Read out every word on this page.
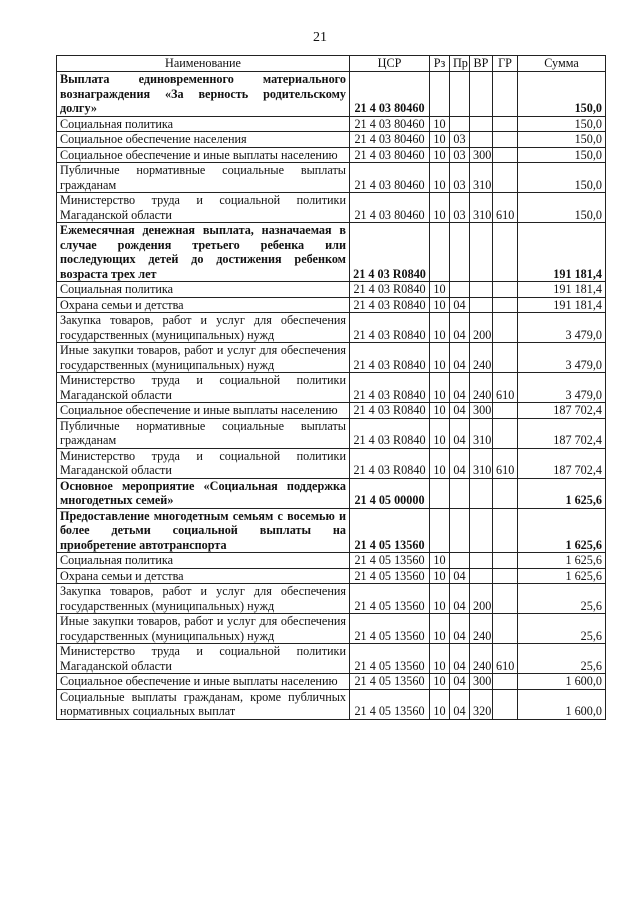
21
Наименование	ЦСР	Рз	Пр	ВР	ГР	Сумма
Выплата единовременного материального вознаграждения «За верность родительскому долгу»	21 4 03 80460					150,0
Социальная политика	21 4 03 80460	10				150,0
Социальное обеспечение населения	21 4 03 80460	10	03			150,0
Социальное обеспечение и иные выплаты населению	21 4 03 80460	10	03	300		150,0
Публичные нормативные социальные выплаты гражданам	21 4 03 80460	10	03	310		150,0
Министерство труда и социальной политики Магаданской области	21 4 03 80460	10	03	310	610	150,0
Ежемесячная денежная выплата, назначаемая в случае рождения третьего ребенка или последующих детей до достижения ребенком возраста трех лет	21 4 03 R0840					191 181,4
Социальная политика	21 4 03 R0840	10				191 181,4
Охрана семьи и детства	21 4 03 R0840	10	04			191 181,4
Закупка товаров, работ и услуг для обеспечения государственных (муниципальных) нужд	21 4 03 R0840	10	04	200		3 479,0
Иные закупки товаров, работ и услуг для обеспечения государственных (муниципальных) нужд	21 4 03 R0840	10	04	240		3 479,0
Министерство труда и социальной политики Магаданской области	21 4 03 R0840	10	04	240	610	3 479,0
Социальное обеспечение и иные выплаты населению	21 4 03 R0840	10	04	300		187 702,4
Публичные нормативные социальные выплаты гражданам	21 4 03 R0840	10	04	310		187 702,4
Министерство труда и социальной политики Магаданской области	21 4 03 R0840	10	04	310	610	187 702,4
Основное мероприятие «Социальная поддержка многодетных семей»	21 4 05 00000					1 625,6
Предоставление многодетным семьям с восемью и более детьми социальной выплаты на приобретение автотранспорта	21 4 05 13560					1 625,6
Социальная политика	21 4 05 13560	10				1 625,6
Охрана семьи и детства	21 4 05 13560	10	04			1 625,6
Закупка товаров, работ и услуг для обеспечения государственных (муниципальных) нужд	21 4 05 13560	10	04	200		25,6
Иные закупки товаров, работ и услуг для обеспечения государственных (муниципальных) нужд	21 4 05 13560	10	04	240		25,6
Министерство труда и социальной политики Магаданской области	21 4 05 13560	10	04	240	610	25,6
Социальное обеспечение и иные выплаты населению	21 4 05 13560	10	04	300		1 600,0
Социальные выплаты гражданам, кроме публичных нормативных социальных выплат	21 4 05 13560	10	04	320		1 600,0
